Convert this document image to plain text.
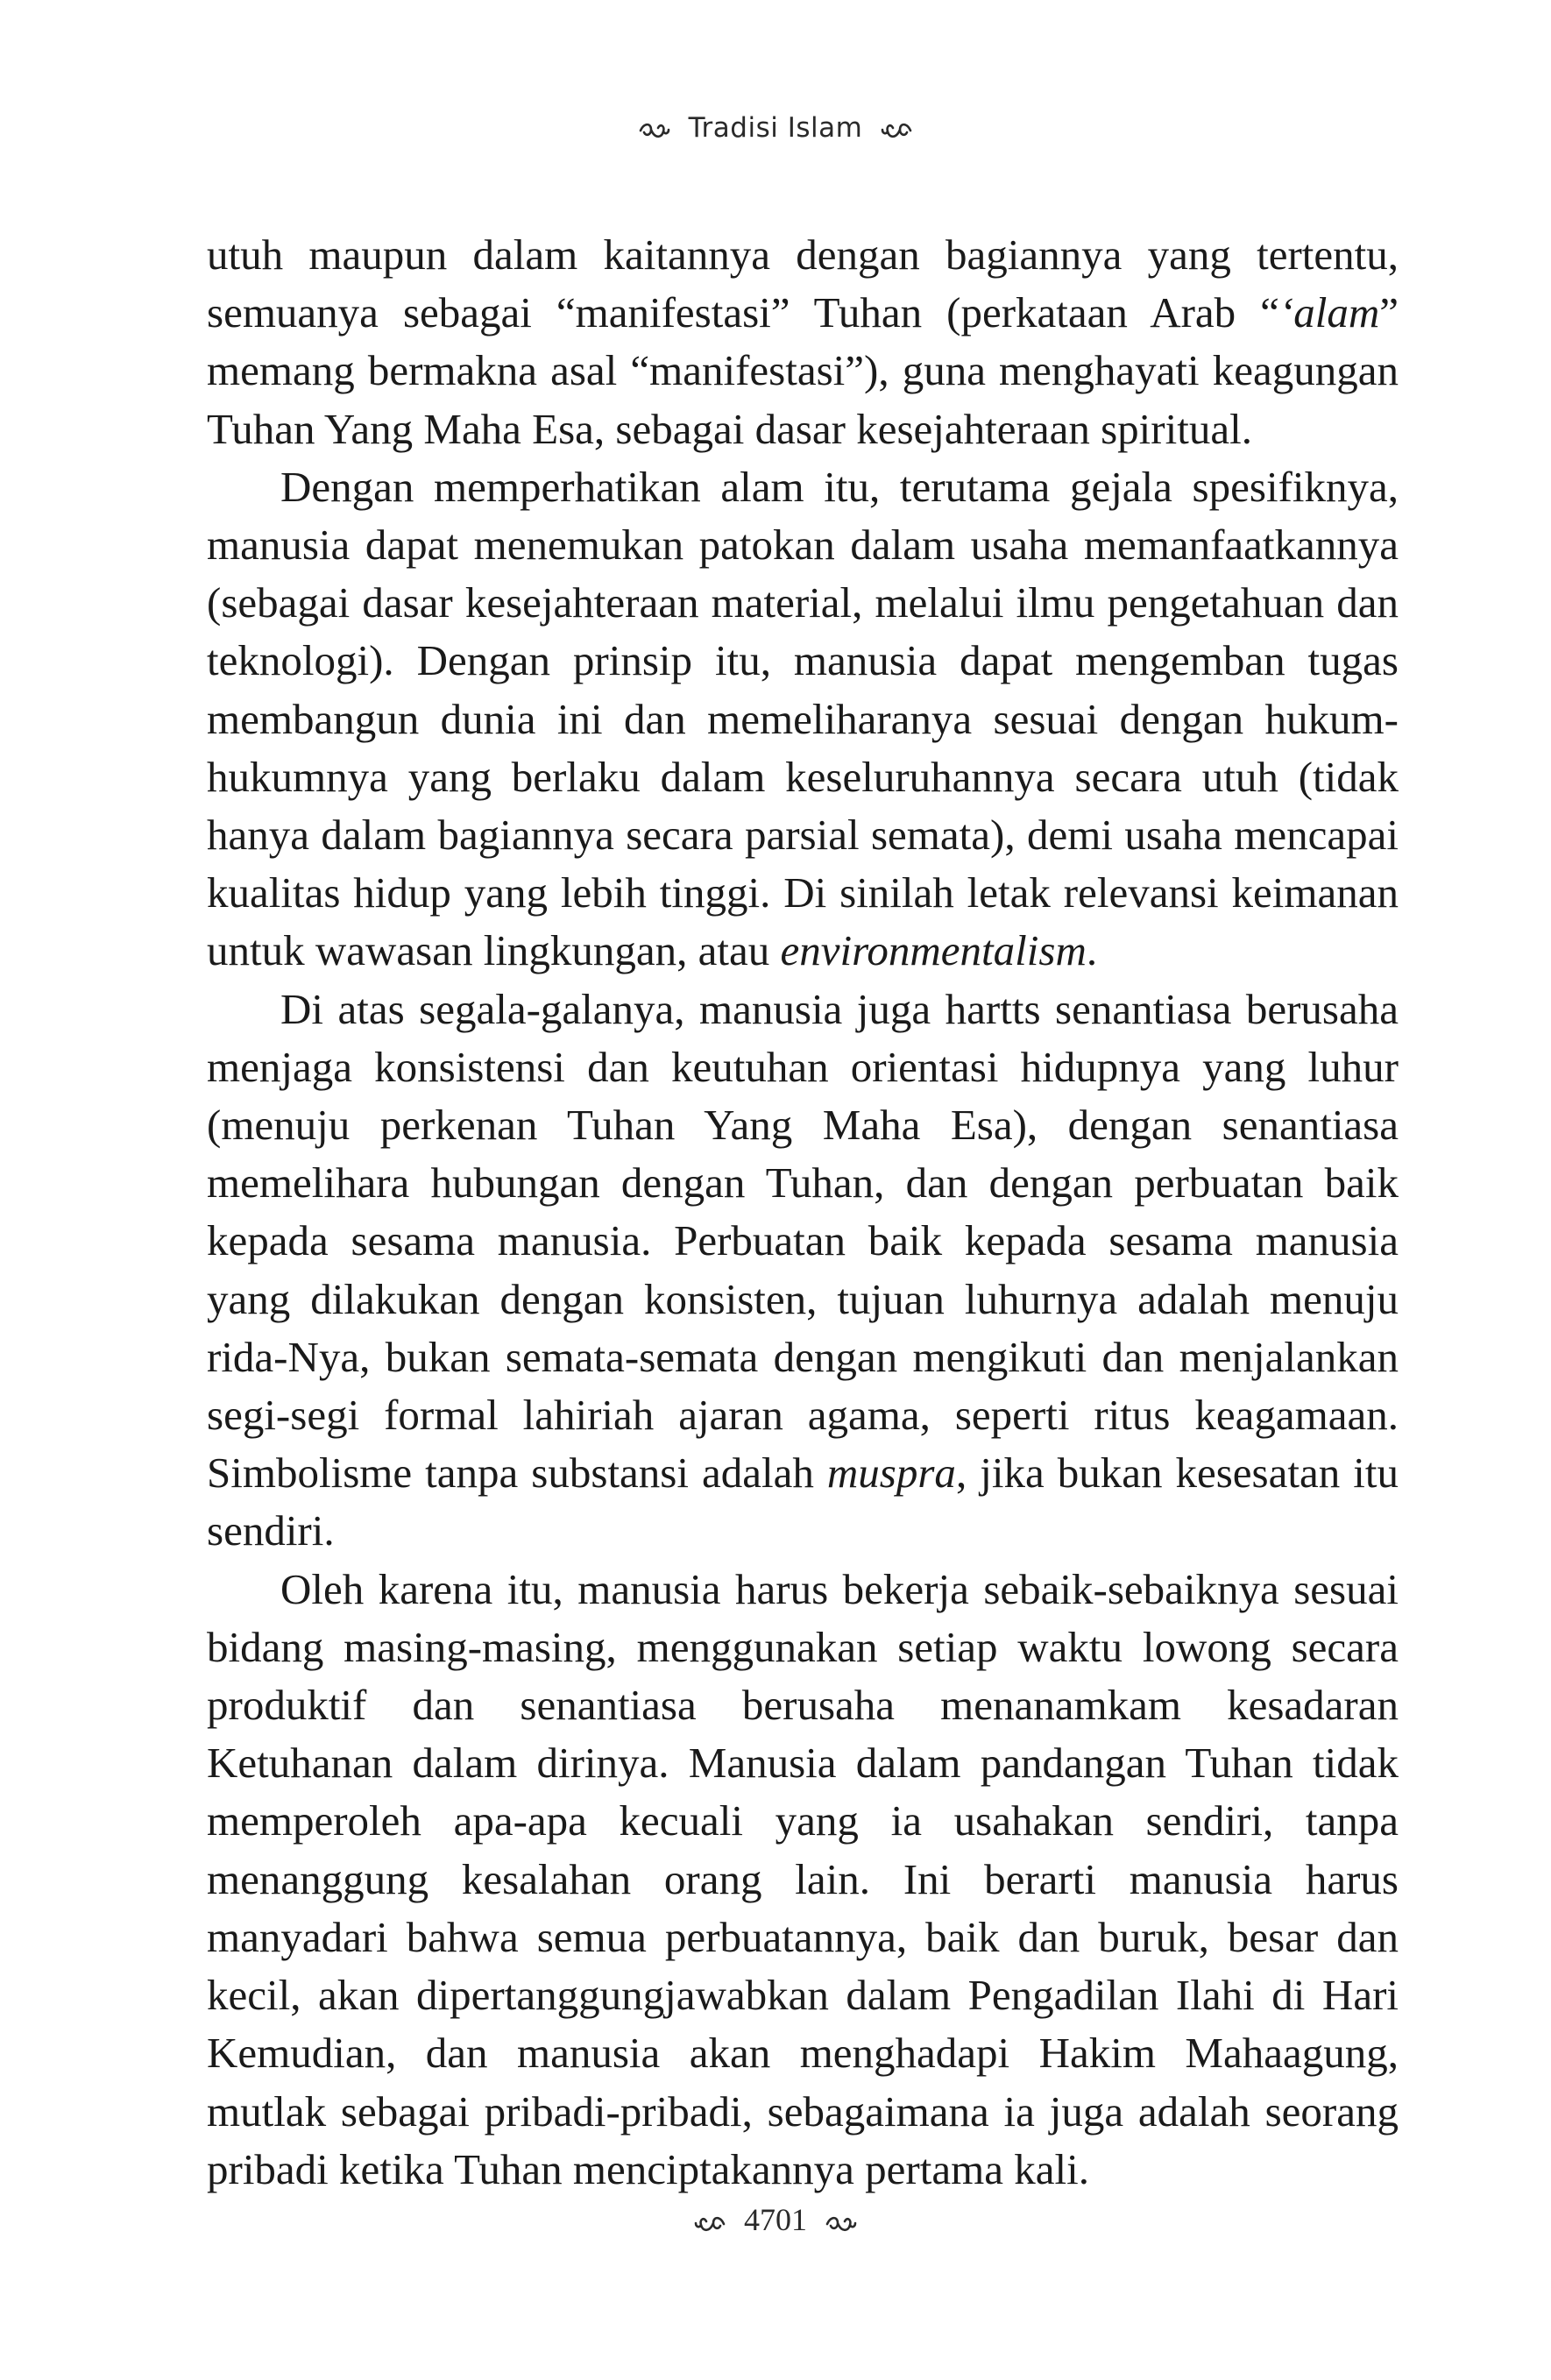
Tradisi Islam

utuh maupun dalam kaitannya dengan bagiannya yang tertentu, semuanya sebagai “manifestasi” Tuhan (perkataan Arab “‘alam” memang bermakna asal “manifestasi”), guna menghayati keagungan Tuhan Yang Maha Esa, sebagai dasar kesejahteraan spiritual.

Dengan memperhatikan alam itu, terutama gejala spesifiknya, manusia dapat menemukan patokan dalam usaha memanfaatkannya (sebagai dasar kesejahteraan material, melalui ilmu pengetahuan dan teknologi). Dengan prinsip itu, manusia dapat mengemban tugas membangun dunia ini dan memeliharanya sesuai dengan hukum-hukumnya yang berlaku dalam keseluruhannya secara utuh (tidak hanya dalam bagiannya secara parsial semata), demi usaha mencapai kualitas hidup yang lebih tinggi. Di sinilah letak relevansi keimanan untuk wawasan lingkungan, atau environmentalism.

Di atas segala-galanya, manusia juga hartts senantiasa berusaha menjaga konsistensi dan keutuhan orientasi hidupnya yang luhur (menuju perkenan Tuhan Yang Maha Esa), dengan senantiasa memelihara hubungan dengan Tuhan, dan dengan perbuatan baik kepada sesama manusia. Perbuatan baik kepada sesama manusia yang dilakukan dengan konsisten, tujuan luhurnya adalah menuju rida-Nya, bukan semata-semata dengan mengikuti dan menjalankan segi-segi formal lahiriah ajaran agama, seperti ritus keagamaan. Simbolisme tanpa substansi adalah muspra, jika bukan kesesatan itu sendiri.

Oleh karena itu, manusia harus bekerja sebaik-sebaiknya sesuai bidang masing-masing, menggunakan setiap waktu lowong secara produktif dan senantiasa berusaha menanamkam kesadaran Ketuhanan dalam dirinya. Manusia dalam pandangan Tuhan tidak memperoleh apa-apa kecuali yang ia usahakan sendiri, tanpa menanggung kesalahan orang lain. Ini berarti manusia harus manyadari bahwa semua perbuatannya, baik dan buruk, besar dan kecil, akan dipertanggungjawabkan dalam Pengadilan Ilahi di Hari Kemudian, dan manusia akan menghadapi Hakim Mahaagung, mutlak sebagai pribadi-pribadi, sebagaimana ia juga adalah seorang pribadi ketika Tuhan menciptakannya pertama kali.

4701
